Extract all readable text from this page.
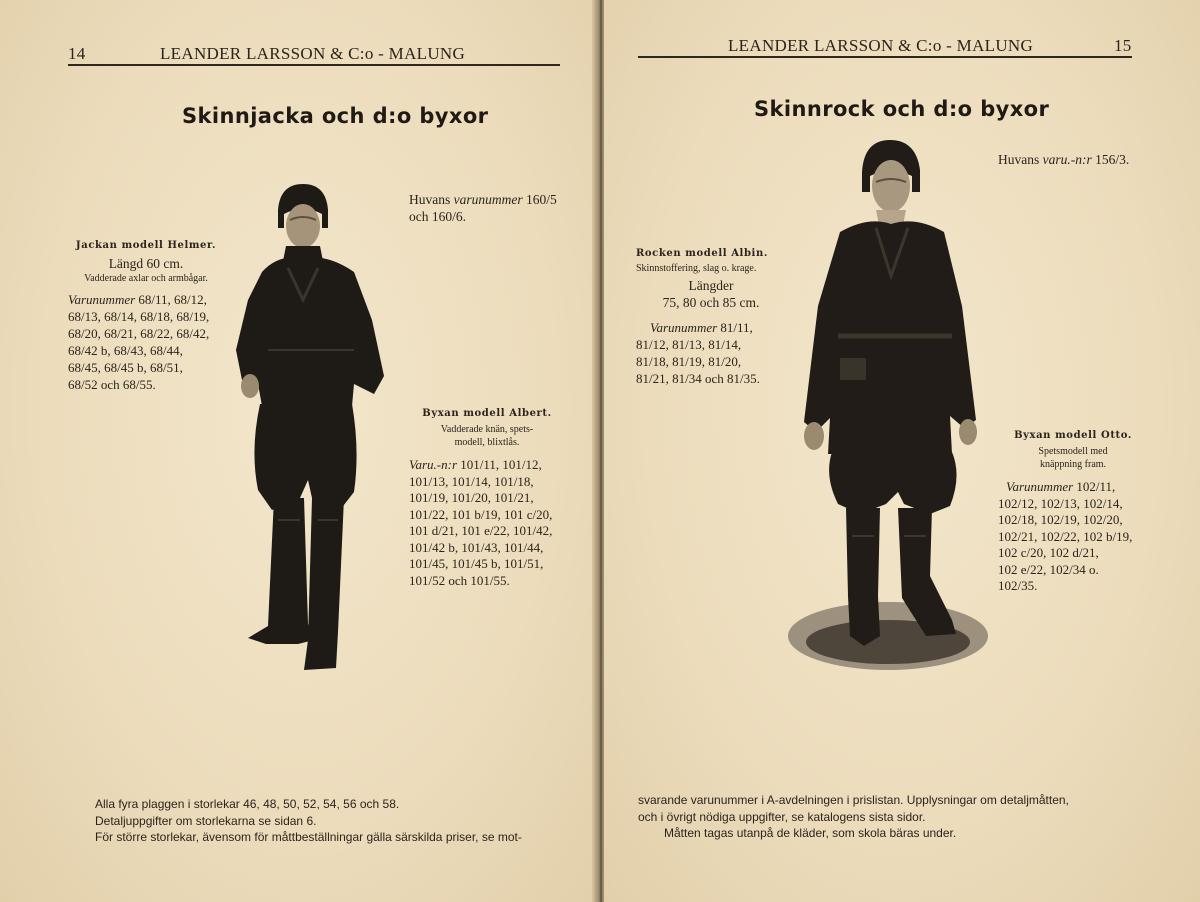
14	LEANDER LARSSON & C:o - MALUNG
Skinnjacka och d:o byxor
Huvans varunummer 160/5
och 160/6.
Jackan modell Helmer.
Längd 60 cm.
Vadderade axlar och armbågar.
Varunummer 68/11, 68/12,
68/13, 68/14, 68/18, 68/19,
68/20, 68/21, 68/22, 68/42,
68/42 b, 68/43, 68/44,
68/45, 68/45 b, 68/51,
68/52 och 68/55.
Byxan modell Albert.
Vadderade knän, spets-
modell, blixtlås.
Varu.-n:r 101/11, 101/12,
101/13, 101/14, 101/18,
101/19, 101/20, 101/21,
101/22, 101 b/19, 101 c/20,
101 d/21, 101 e/22, 101/42,
101/42 b, 101/43, 101/44,
101/45, 101/45 b, 101/51,
101/52 och 101/55.
Alla fyra plaggen i storlekar 46, 48, 50, 52, 54, 56 och 58.
Detaljuppgifter om storlekarna se sidan 6.
För större storlekar, ävensom för måttbeställningar gälla särskilda priser, se mot-
LEANDER LARSSON & C:o - MALUNG	15
Skinnrock och d:o byxor
Huvans varu.-n:r 156/3.
Rocken modell Albin.
Skinnstoffering, slag o. krage.
Längder
75, 80 och 85 cm.
Varunummer 81/11,
81/12, 81/13, 81/14,
81/18, 81/19, 81/20,
81/21, 81/34 och 81/35.
Byxan modell Otto.
Spetsmodell med
knäppning fram.
Varunummer 102/11,
102/12, 102/13, 102/14,
102/18, 102/19, 102/20,
102/21, 102/22, 102 b/19,
102 c/20, 102 d/21,
102 e/22, 102/34 o.
102/35.
svarande varunummer i A-avdelningen i prislistan. Upplysningar om detaljmåtten,
och i övrigt nödiga uppgifter, se katalogens sista sidor.
Måtten tagas utanpå de kläder, som skola bäras under.
